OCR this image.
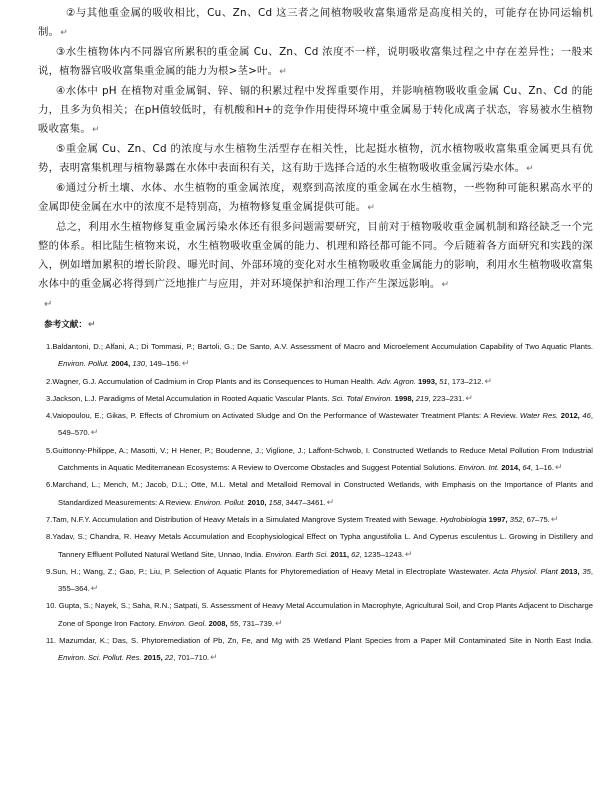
②与其他重金属的吸收相比，Cu、Zn、Cd 这三者之间植物吸收富集通常是高度相关的，可能存在协同运输机制。↵

③水生植物体内不同器官所累积的重金属 Cu、Zn、Cd 浓度不一样，说明吸收富集过程之中存在差异性；一般来说，植物器官吸收富集重金属的能力为根>茎>叶。↵

④水体中 pH 在植物对重金属铜、锌、镉的积累过程中发挥重要作用，并影响植物吸收重金属 Cu、Zn、Cd 的能力，且多为负相关；在pH值较低时，有机酸和H+的竞争作用使得环境中重金属易于转化成离子状态，容易被水生植物吸收富集。↵

⑤重金属 Cu、Zn、Cd 的浓度与水生植物生活型存在相关性，比起挺水植物，沉水植物吸收富集重金属更具有优势，表明富集机理与植物暴露在水体中表面积有关，这有助于选择合适的水生植物吸收重金属污染水体。↵

⑥通过分析土壤、水体、水生植物的重金属浓度，观察到高浓度的重金属在水生植物，一些物种可能积累高水平的金属即使金属在水中的浓度不是特别高，为植物修复重金属提供可能。↵

总之，利用水生植物修复重金属污染水体还有很多问题需要研究，目前对于植物吸收重金属机制和路径缺乏一个完整的体系。相比陆生植物来说，水生植物吸收重金属的能力、机理和路径都可能不同。今后随着各方面研究和实践的深入，例如增加累积的增长阶段、曝光时间、外部环境的变化对水生植物吸收重金属能力的影响，利用水生植物吸收富集水体中的重金属必将得到广泛地推广与应用，并对环境保护和治理工作产生深远影响。↵

↵
参考文献：↵

1.Baldantoni, D.; Alfani, A.; Di Tommasi, P.; Bartoli, G.; De Santo, A.V. Assessment of Macro and Microelement Accumulation Capability of Two Aquatic Plants. Environ. Pollut. 2004, 130, 149–156.↵

2.Wagner, G.J. Accumulation of Cadmium in Crop Plants and its Consequences to Human Health. Adv. Agron. 1993, 51, 173–212.↵

3.Jackson, L.J. Paradigms of Metal Accumulation in Rooted Aquatic Vascular Plants. Sci. Total Environ. 1998, 219, 223–231.↵

4.Vaiopoulou, E.; Gikas, P. Effects of Chromium on Activated Sludge and On the Performance of Wastewater Treatment Plants: A Review. Water Res. 2012, 46, 549–570.↵

5.Guittonny-Philippe, A.; Masotti, V.; H Hener, P.; Boudenne, J.; Viglione, J.; Laffont-Schwob, I. Constructed Wetlands to Reduce Metal Pollution From Industrial Catchments in Aquatic Mediterranean Ecosystems: A Review to Overcome Obstacles and Suggest Potential Solutions. Environ. Int. 2014, 64, 1–16.↵

6.Marchand, L.; Mench, M.; Jacob, D.L.; Otte, M.L. Metal and Metalloid Removal in Constructed Wetlands, with Emphasis on the Importance of Plants and Standardized Measurements: A Review. Environ. Pollut. 2010, 158, 3447–3461.↵

7.Tam, N.F.Y. Accumulation and Distribution of Heavy Metals in a Simulated Mangrove System Treated with Sewage. Hydrobiologia 1997, 352, 67–75.↵

8.Yadav, S.; Chandra, R. Heavy Metals Accumulation and Ecophysiological Effect on Typha angustifolia L. And Cyperus esculentus L. Growing in Distillery and Tannery Effluent Polluted Natural Wetland Site, Unnao, India. Environ. Earth Sci. 2011, 62, 1235–1243.↵

9.Sun, H.; Wang, Z.; Gao, P.; Liu, P. Selection of Aquatic Plants for Phytoremediation of Heavy Metal in Electroplate Wastewater. Acta Physiol. Plant 2013, 35, 355–364.↵

10. Gupta, S.; Nayek, S.; Saha, R.N.; Satpati, S. Assessment of Heavy Metal Accumulation in Macrophyte, Agricultural Soil, and Crop Plants Adjacent to Discharge Zone of Sponge Iron Factory. Environ. Geol. 2008, 55, 731–739.↵

11. Mazumdar, K.; Das, S. Phytoremediation of Pb, Zn, Fe, and Mg with 25 Wetland Plant Species from a Paper Mill Contaminated Site in North East India. Environ. Sci. Pollut. Res. 2015, 22, 701–710.↵
